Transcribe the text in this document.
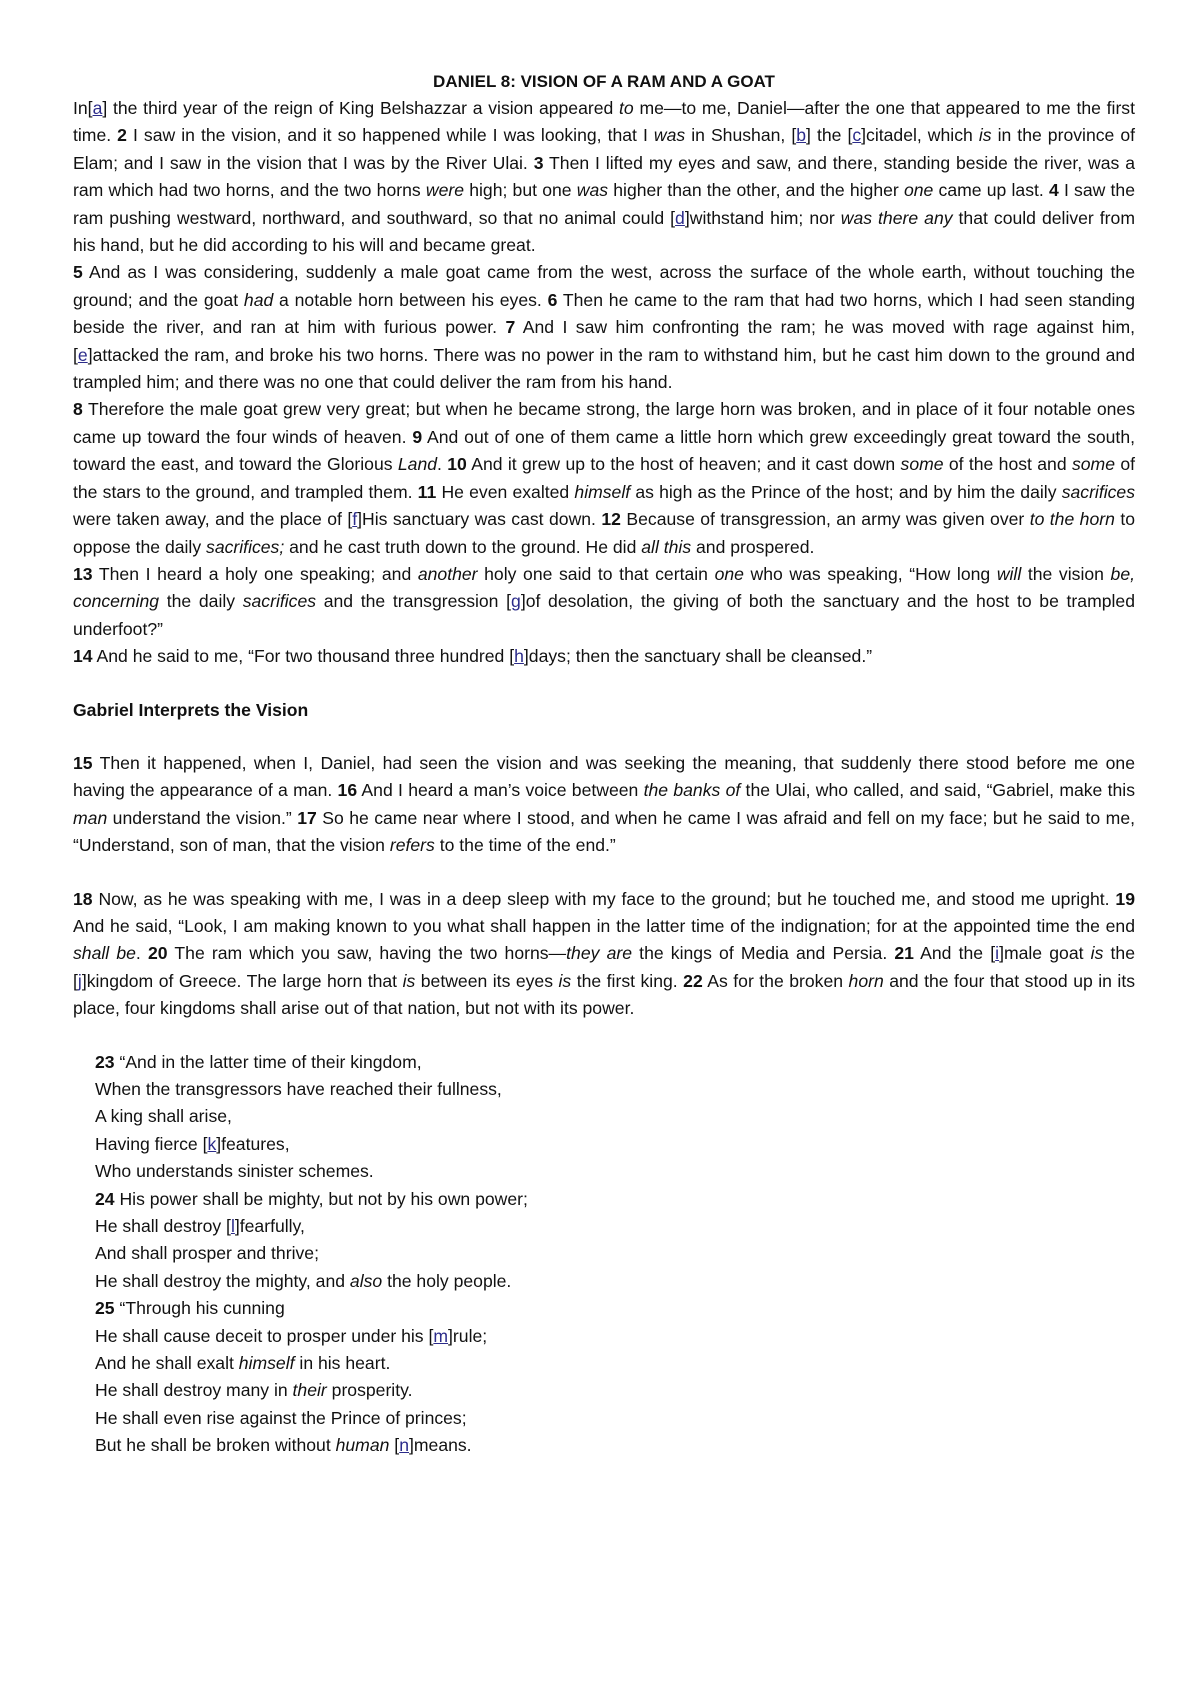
DANIEL 8: VISION OF A RAM AND A GOAT

In[a] the third year of the reign of King Belshazzar a vision appeared to me—to me, Daniel—after the one that appeared to me the first time. 2 I saw in the vision, and it so happened while I was looking, that I was in Shushan, [b] the [c]citadel, which is in the province of Elam; and I saw in the vision that I was by the River Ulai. 3 Then I lifted my eyes and saw, and there, standing beside the river, was a ram which had two horns, and the two horns were high; but one was higher than the other, and the higher one came up last. 4 I saw the ram pushing westward, northward, and southward, so that no animal could [d]withstand him; nor was there any that could deliver from his hand, but he did according to his will and became great.

5 And as I was considering, suddenly a male goat came from the west, across the surface of the whole earth, without touching the ground; and the goat had a notable horn between his eyes. 6 Then he came to the ram that had two horns, which I had seen standing beside the river, and ran at him with furious power. 7 And I saw him confronting the ram; he was moved with rage against him, [e]attacked the ram, and broke his two horns. There was no power in the ram to withstand him, but he cast him down to the ground and trampled him; and there was no one that could deliver the ram from his hand.

8 Therefore the male goat grew very great; but when he became strong, the large horn was broken, and in place of it four notable ones came up toward the four winds of heaven. 9 And out of one of them came a little horn which grew exceedingly great toward the south, toward the east, and toward the Glorious Land. 10 And it grew up to the host of heaven; and it cast down some of the host and some of the stars to the ground, and trampled them. 11 He even exalted himself as high as the Prince of the host; and by him the daily sacrifices were taken away, and the place of [f]His sanctuary was cast down. 12 Because of transgression, an army was given over to the horn to oppose the daily sacrifices; and he cast truth down to the ground. He did all this and prospered.

13 Then I heard a holy one speaking; and another holy one said to that certain one who was speaking, “How long will the vision be, concerning the daily sacrifices and the transgression [g]of desolation, the giving of both the sanctuary and the host to be trampled underfoot?”

14 And he said to me, “For two thousand three hundred [h]days; then the sanctuary shall be cleansed.”

Gabriel Interprets the Vision

15 Then it happened, when I, Daniel, had seen the vision and was seeking the meaning, that suddenly there stood before me one having the appearance of a man. 16 And I heard a man’s voice between the banks of the Ulai, who called, and said, “Gabriel, make this man understand the vision.” 17 So he came near where I stood, and when he came I was afraid and fell on my face; but he said to me, “Understand, son of man, that the vision refers to the time of the end.”

18 Now, as he was speaking with me, I was in a deep sleep with my face to the ground; but he touched me, and stood me upright. 19 And he said, “Look, I am making known to you what shall happen in the latter time of the indignation; for at the appointed time the end shall be. 20 The ram which you saw, having the two horns—they are the kings of Media and Persia. 21 And the [i]male goat is the [j]kingdom of Greece. The large horn that is between its eyes is the first king. 22 As for the broken horn and the four that stood up in its place, four kingdoms shall arise out of that nation, but not with its power.

23 “And in the latter time of their kingdom,

When the transgressors have reached their fullness,

A king shall arise,

Having fierce [k]features,

Who understands sinister schemes.

24 His power shall be mighty, but not by his own power;

He shall destroy [l]fearfully,

And shall prosper and thrive;

He shall destroy the mighty, and also the holy people.

25 “Through his cunning

He shall cause deceit to prosper under his [m]rule;

And he shall exalt himself in his heart.

He shall destroy many in their prosperity.

He shall even rise against the Prince of princes;

But he shall be broken without human [n]means.
